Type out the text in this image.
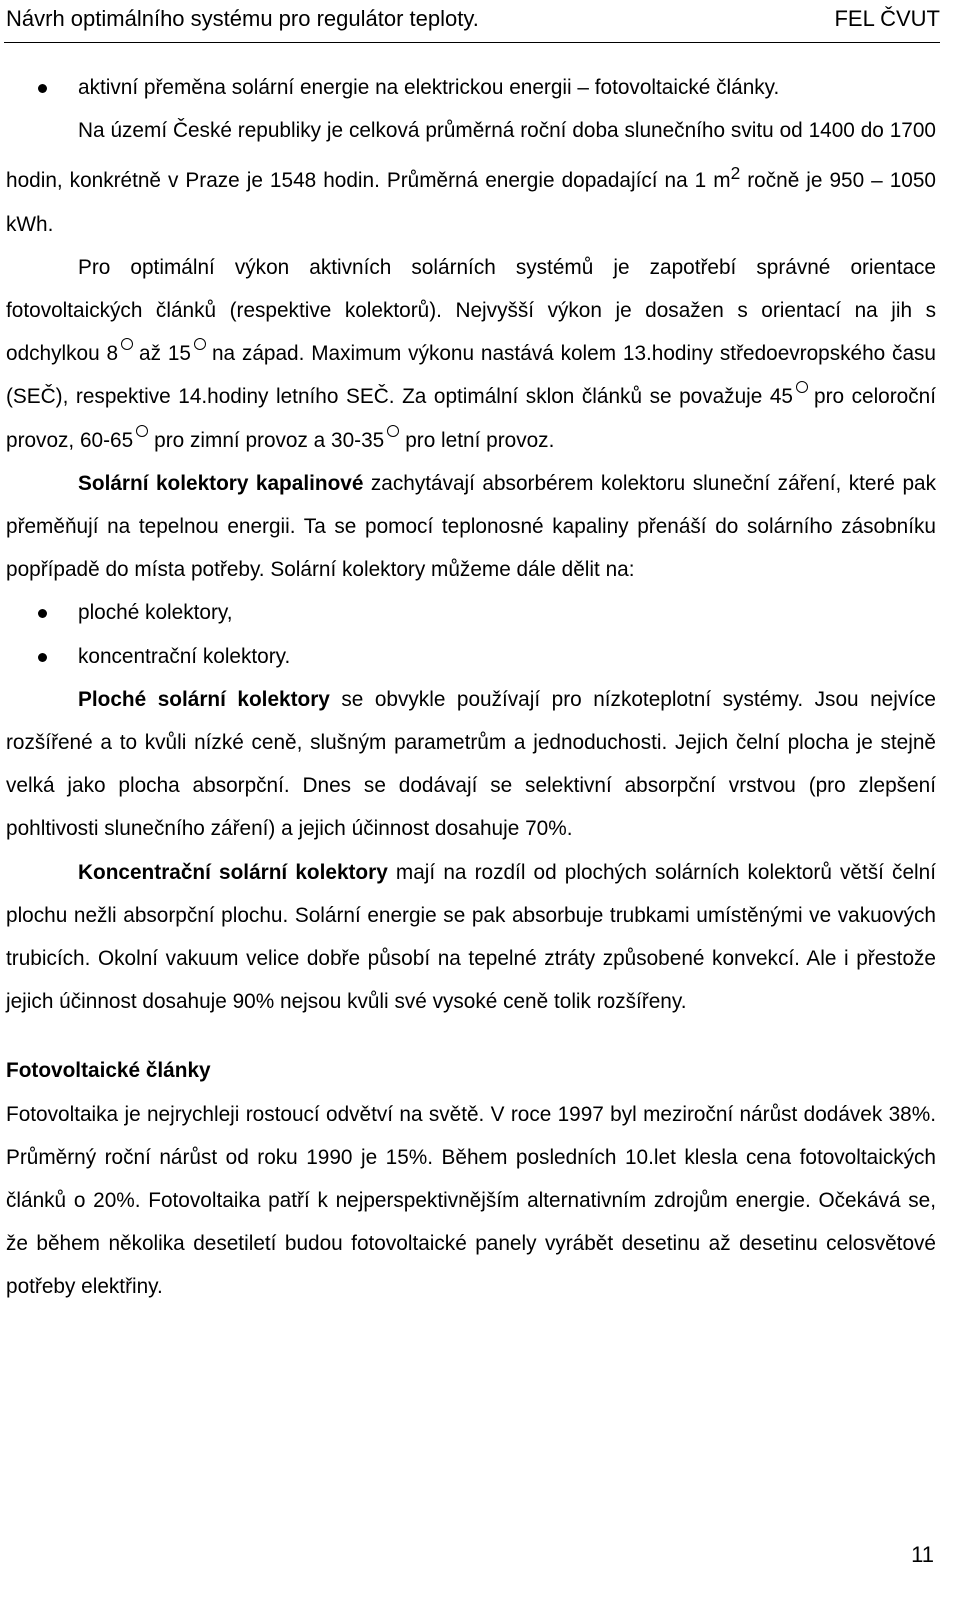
Návrh optimálního systému pro regulátor teploty.	FEL ČVUT

aktivní přeměna solární energie na elektrickou energii – fotovoltaické články.

Na území České republiky je celková průměrná roční doba slunečního svitu od 1400 do 1700 hodin, konkrétně v Praze je 1548 hodin. Průměrná energie dopadající na 1 $m^2$ ročně je 950 – 1050 kWh.

Pro optimální výkon aktivních solárních systémů je zapotřebí správné orientace fotovoltaických článků (respektive kolektorů). Nejvyšší výkon je dosažen s orientací na jih s odchylkou 8 až 15 na západ. Maximum výkonu nastává kolem 13.hodiny středoevropského času (SEČ), respektive 14.hodiny letního SEČ. Za optimální sklon článků se považuje 45 pro celoroční provoz, 60-65 pro zimní provoz a 30-35 pro letní provoz.

Solární kolektory kapalinové zachytávají absorbérem kolektoru sluneční záření, které pak přeměňují na tepelnou energii. Ta se pomocí teplonosné kapaliny přenáší do solárního zásobníku popřípadě do místa potřeby. Solární kolektory můžeme dále dělit na:

ploché kolektory,

koncentrační kolektory.

Ploché solární kolektory se obvykle používají pro nízkoteplotní systémy. Jsou nejvíce rozšířené a to kvůli nízké ceně, slušným parametrům a jednoduchosti. Jejich čelní plocha je stejně velká jako plocha absorpční. Dnes se dodávají se selektivní absorpční vrstvou (pro zlepšení pohltivosti slunečního záření) a jejich účinnost dosahuje 70%.

Koncentrační solární kolektory mají na rozdíl od plochých solárních kolektorů větší čelní plochu nežli absorpční plochu. Solární energie se pak absorbuje trubkami umístěnými ve vakuových trubicích. Okolní vakuum velice dobře působí na tepelné ztráty způsobené konvekcí. Ale i přestože jejich účinnost dosahuje 90% nejsou kvůli své vysoké ceně tolik rozšířeny.

Fotovoltaické články

Fotovoltaika je nejrychleji rostoucí odvětví na světě. V roce 1997 byl meziroční nárůst dodávek 38%. Průměrný roční nárůst od roku 1990 je 15%. Během posledních 10.let klesla cena fotovoltaických článků o 20%. Fotovoltaika patří k nejperspektivnějším alternativním zdrojům energie. Očekává se, že během několika desetiletí budou fotovoltaické panely vyrábět desetinu až desetinu celosvětové potřeby elektřiny.

11
